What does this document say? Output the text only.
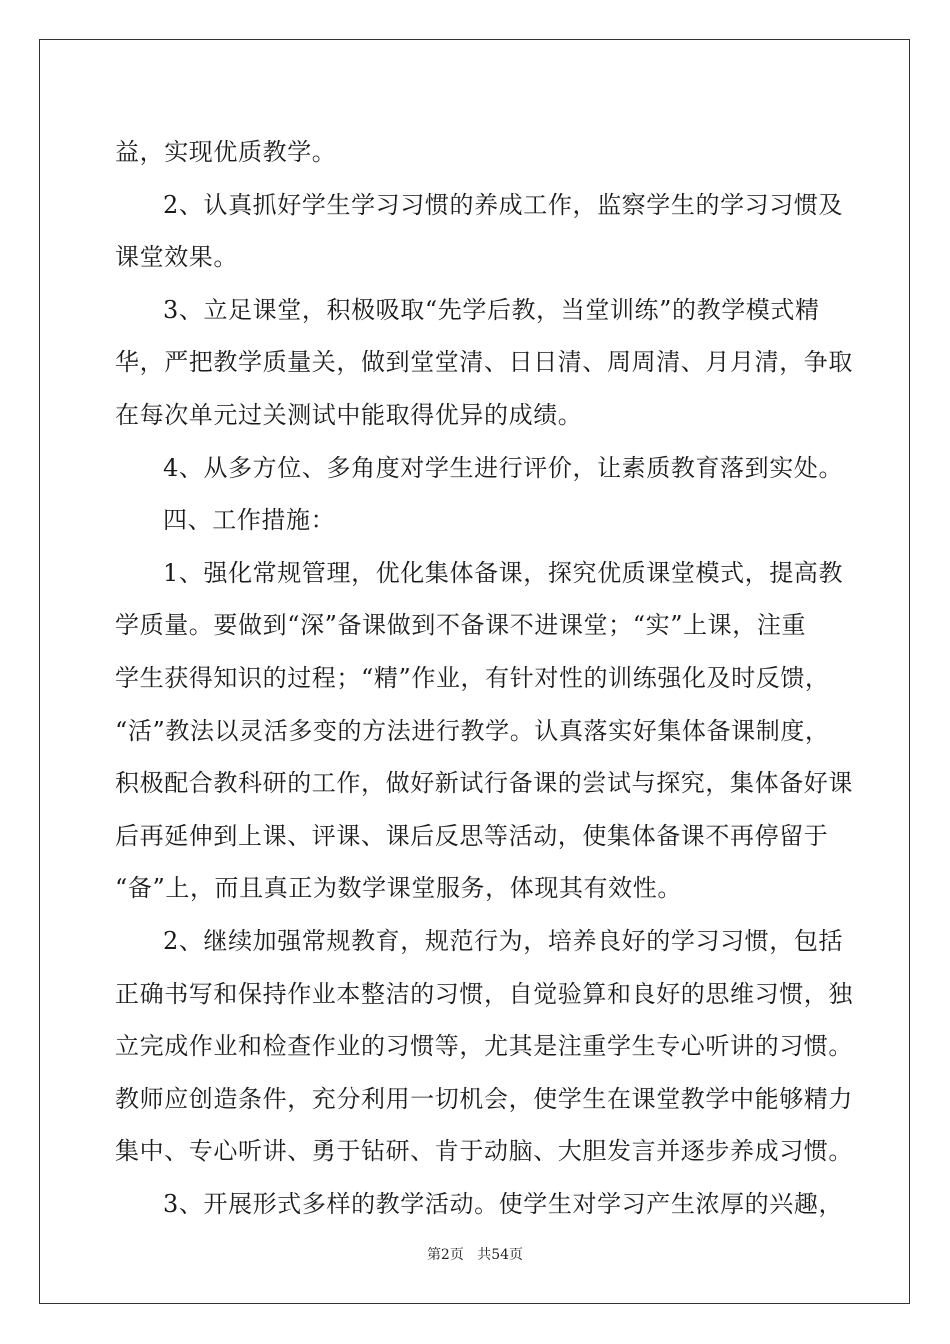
益，实现优质教学。
2、认真抓好学生学习习惯的养成工作，监察学生的学习习惯及
课堂效果。
3、立足课堂，积极吸取“先学后教，当堂训练”的教学模式精
华，严把教学质量关，做到堂堂清、日日清、周周清、月月清，争取
在每次单元过关测试中能取得优异的成绩。
4、从多方位、多角度对学生进行评价，让素质教育落到实处。
四、工作措施：
1、强化常规管理，优化集体备课，探究优质课堂模式，提高教
学质量。要做到“深”备课做到不备课不进课堂；“实”上课，注重
学生获得知识的过程；“精”作业，有针对性的训练强化及时反馈，
“活”教法以灵活多变的方法进行教学。认真落实好集体备课制度，
积极配合教科研的工作，做好新试行备课的尝试与探究，集体备好课
后再延伸到上课、评课、课后反思等活动，使集体备课不再停留于
“备”上，而且真正为数学课堂服务，体现其有效性。
2、继续加强常规教育，规范行为，培养良好的学习习惯，包括
正确书写和保持作业本整洁的习惯，自觉验算和良好的思维习惯，独
立完成作业和检查作业的习惯等，尤其是注重学生专心听讲的习惯。
教师应创造条件，充分利用一切机会，使学生在课堂教学中能够精力
集中、专心听讲、勇于钻研、肯于动脑、大胆发言并逐步养成习惯。
3、开展形式多样的教学活动。使学生对学习产生浓厚的兴趣，
第2页 共54页
